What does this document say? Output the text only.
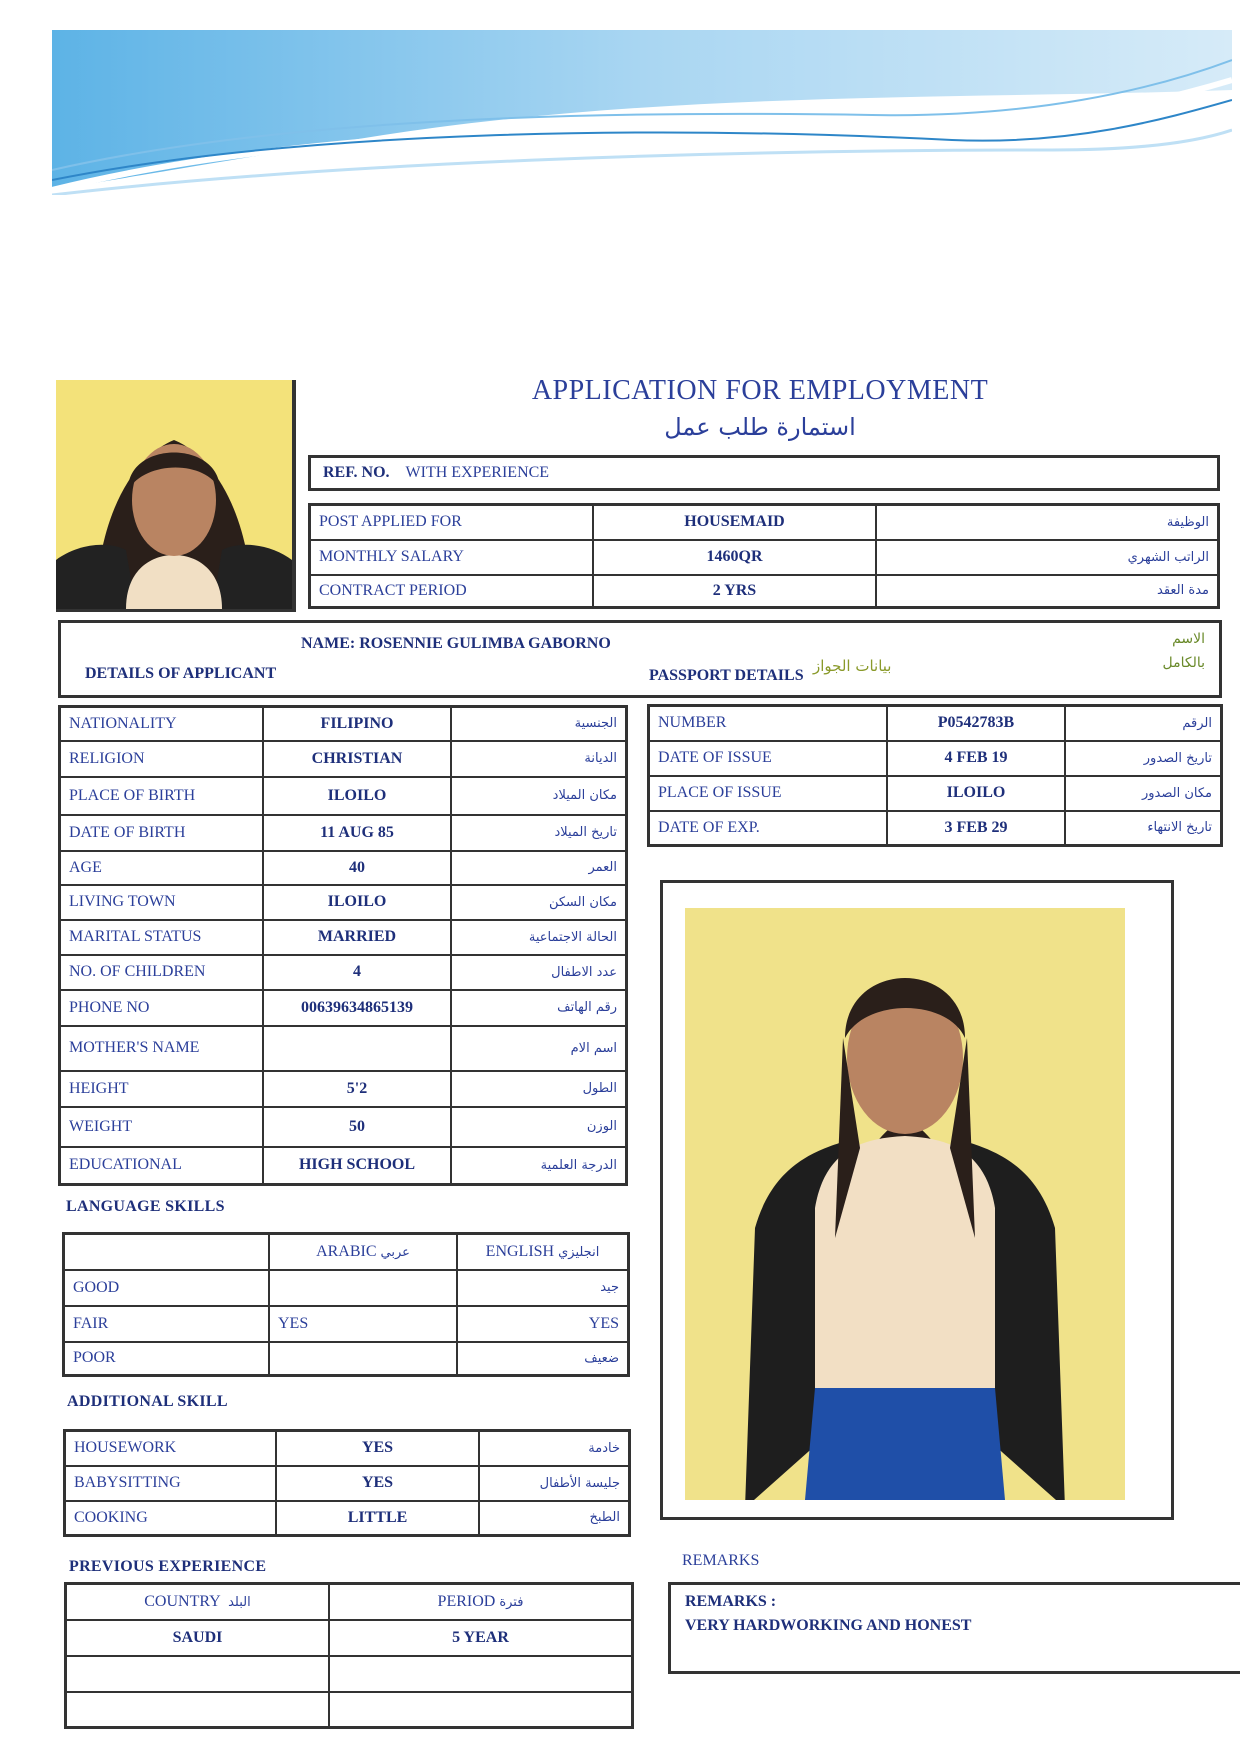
APPLICATION FOR EMPLOYMENT
استمارة طلب عمل
REF. NO. WITH EXPERIENCE
POST APPLIED FOR	HOUSEMAID	الوظيفة
MONTHLY SALARY	1460QR	الراتب الشهري
CONTRACT PERIOD	2 YRS	مدة العقد
NAME: ROSENNIE GULIMBA GABORNO	الاسم
بالكامل
DETAILS OF APPLICANT	PASSPORT DETAILS
بيانات الجواز
NATIONALITY	FILIPINO	الجنسية
RELIGION	CHRISTIAN	الديانة
PLACE OF BIRTH	ILOILO	مكان الميلاد
DATE OF BIRTH	11 AUG 85	تاريخ الميلاد
AGE	40	العمر
LIVING TOWN	ILOILO	مكان السكن
MARITAL STATUS	MARRIED	الحالة الاجتماعية
NO. OF CHILDREN	4	عدد الاطفال
PHONE NO	00639634865139	رقم الهاتف
MOTHER'S NAME		اسم الام
HEIGHT	5'2	الطول
WEIGHT	50	الوزن
EDUCATIONAL	HIGH SCHOOL	الدرجة العلمية
NUMBER	P0542783B	الرقم
DATE OF ISSUE	4 FEB 19	تاريخ الصدور
PLACE OF ISSUE	ILOILO	مكان الصدور
DATE OF EXP.	3 FEB 29	تاريخ الانتهاء
LANGUAGE SKILLS
	ARABIC عربي	ENGLISH انجليزي
GOOD		جيد
FAIR	YES	YES
POOR		ضعيف
ADDITIONAL SKILL
HOUSEWORK	YES	خادمة
BABYSITTING	YES	جليسة الأطفال
COOKING	LITTLE	الطبخ
PREVIOUS EXPERIENCE
COUNTRY البلد	PERIOD فترة
SAUDI	5 YEAR

REMARKS
REMARKS :
VERY HARDWORKING AND HONEST
